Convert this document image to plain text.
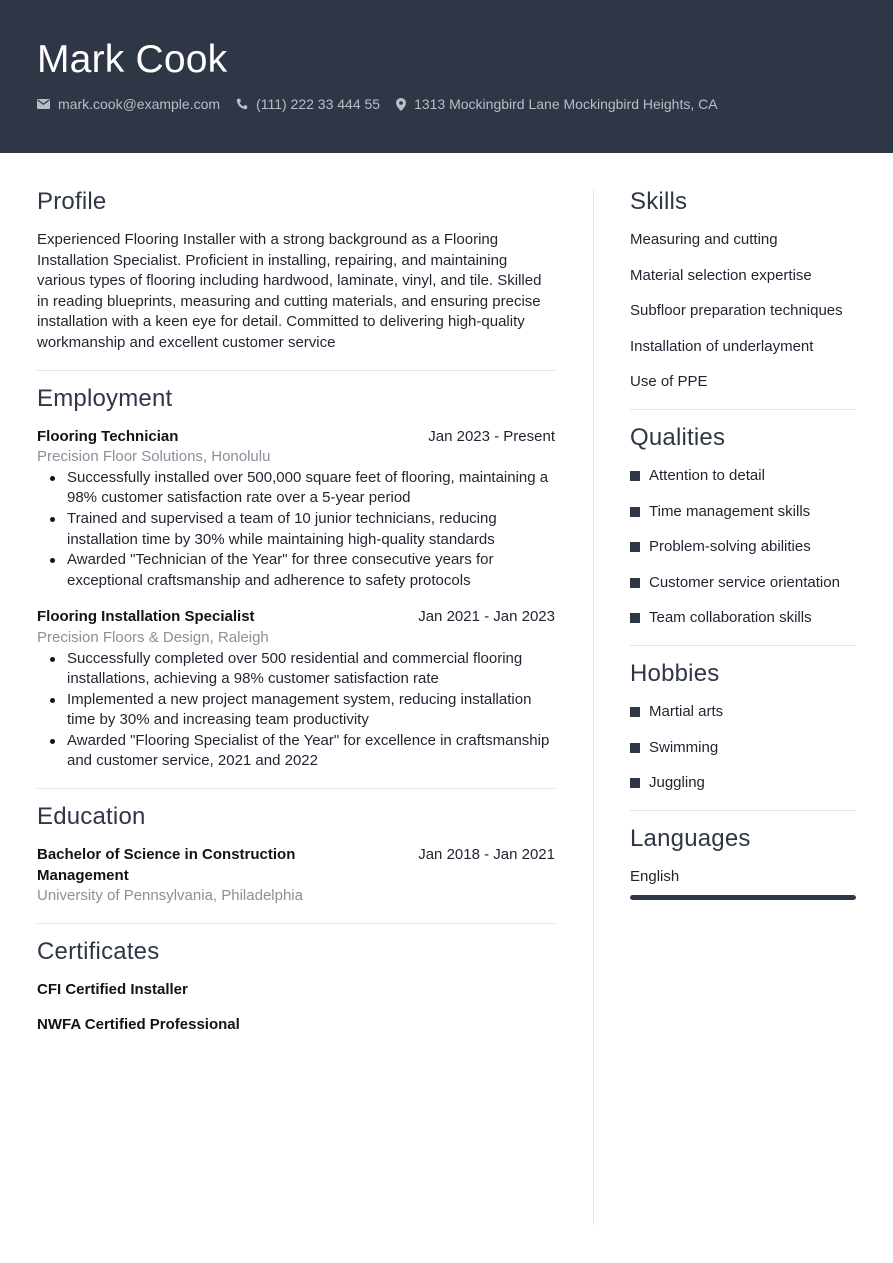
Mark Cook
mark.cook@example.com	(111) 222 33 444 55 1313 Mockingbird Lane Mockingbird Heights, CA
Profile

Experienced Flooring Installer with a strong background as a Flooring Installation Specialist. Proficient in installing, repairing, and maintaining various types of flooring including hardwood, laminate, vinyl, and tile. Skilled in reading blueprints, measuring and cutting materials, and ensuring precise installation with a keen eye for detail. Committed to delivering high-quality workmanship and excellent customer service

Employment
Flooring Technician	Jan 2023 - Present
Precision Floor Solutions, Honolulu
Successfully installed over 500,000 square feet of flooring, maintaining a 98% customer satisfaction rate over a 5-year period
Trained and supervised a team of 10 junior technicians, reducing installation time by 30% while maintaining high-quality standards
Awarded "Technician of the Year" for three consecutive years for exceptional craftsmanship and adherence to safety protocols
Flooring Installation Specialist	Jan 2021 - Jan 2023
Precision Floors & Design, Raleigh
Successfully completed over 500 residential and commercial flooring installations, achieving a 98% customer satisfaction rate
Implemented a new project management system, reducing installation time by 30% and increasing team productivity
Awarded "Flooring Specialist of the Year" for excellence in craftsmanship and customer service, 2021 and 2022
Education
Bachelor of Science in Construction Management
Jan 2018 - Jan 2021
University of Pennsylvania, Philadelphia
Certificates
CFI Certified Installer
NWFA Certified Professional
Skills
Measuring and cutting
Material selection expertise
Subfloor preparation techniques
Installation of underlayment
Use of PPE
Qualities
Attention to detail
Time management skills
Problem-solving abilities
Customer service orientation
Team collaboration skills
Hobbies
Martial arts
Swimming
Juggling
Languages
English
